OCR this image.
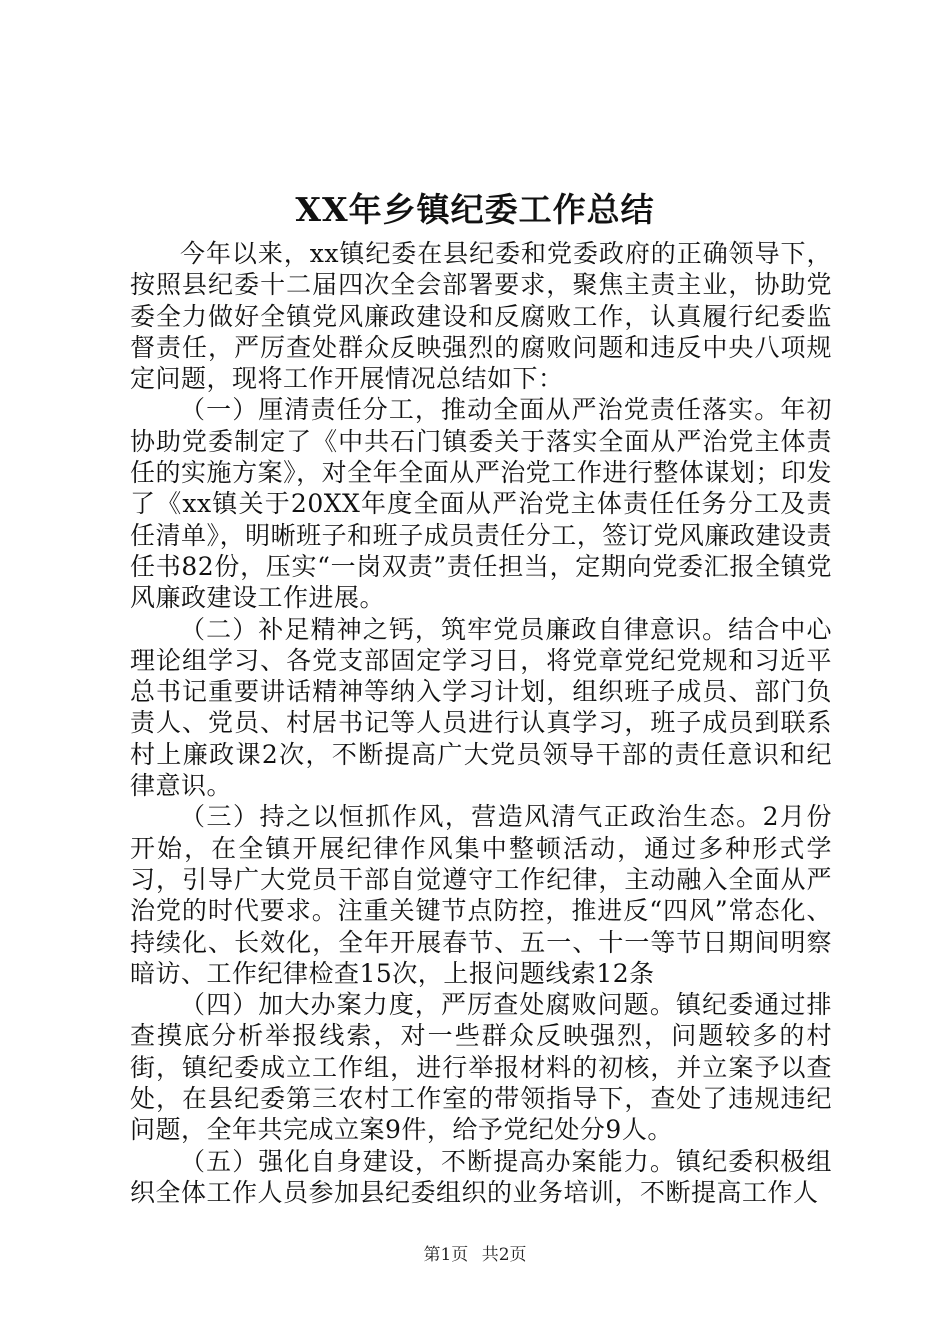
XX年乡镇纪委工作总结

今年以来，xx镇纪委在县纪委和党委政府的正确领导下，按照县纪委十二届四次全会部署要求，聚焦主责主业，协助党委全力做好全镇党风廉政建设和反腐败工作，认真履行纪委监督责任，严厉查处群众反映强烈的腐败问题和违反中央八项规定问题，现将工作开展情况总结如下：

（一）厘清责任分工，推动全面从严治党责任落实。年初协助党委制定了《中共石门镇委关于落实全面从严治党主体责任的实施方案》，对全年全面从严治党工作进行整体谋划；印发了《xx镇关于20XX年度全面从严治党主体责任任务分工及责任清单》，明晰班子和班子成员责任分工，签订党风廉政建设责任书82份，压实“一岗双责”责任担当，定期向党委汇报全镇党风廉政建设工作进展。

（二）补足精神之钙，筑牢党员廉政自律意识。结合中心理论组学习、各党支部固定学习日，将党章党纪党规和习近平总书记重要讲话精神等纳入学习计划，组织班子成员、部门负责人、党员、村居书记等人员进行认真学习，班子成员到联系村上廉政课2次，不断提高广大党员领导干部的责任意识和纪律意识。

（三）持之以恒抓作风，营造风清气正政治生态。2月份开始，在全镇开展纪律作风集中整顿活动，通过多种形式学习，引导广大党员干部自觉遵守工作纪律，主动融入全面从严治党的时代要求。注重关键节点防控，推进反“四风”常态化、持续化、长效化，全年开展春节、五一、十一等节日期间明察暗访、工作纪律检查15次，上报问题线索12条

（四）加大办案力度，严厉查处腐败问题。镇纪委通过排查摸底分析举报线索，对一些群众反映强烈，问题较多的村街，镇纪委成立工作组，进行举报材料的初核，并立案予以查处，在县纪委第三农村工作室的带领指导下，查处了违规违纪问题，全年共完成立案9件，给予党纪处分9人。

（五）强化自身建设，不断提高办案能力。镇纪委积极组织全体工作人员参加县纪委组织的业务培训，不断提高工作人

第1页 共2页
